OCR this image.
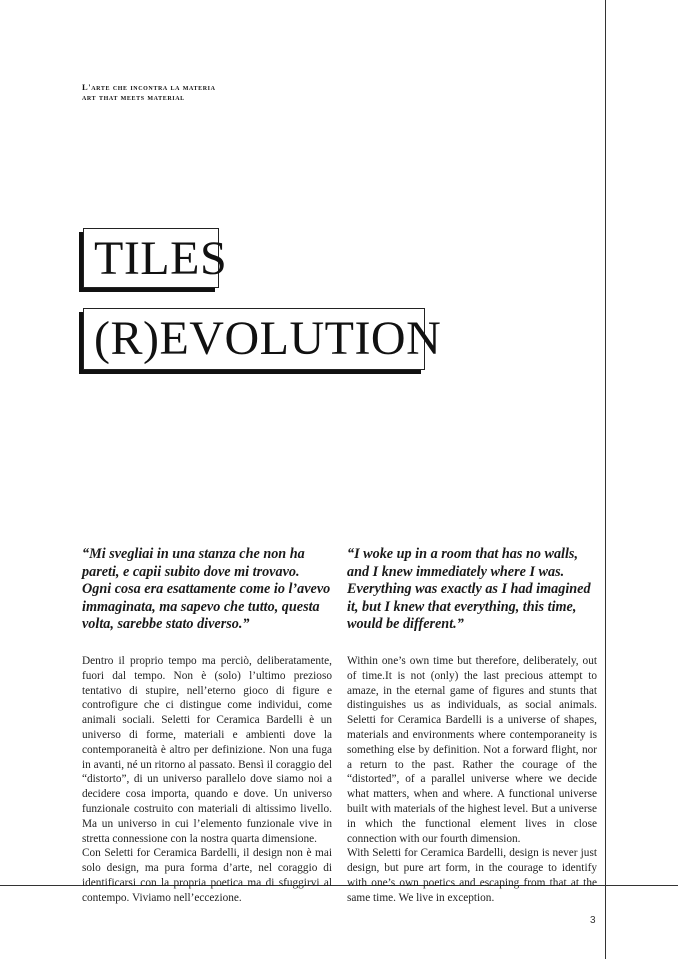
L'arte che incontra la materia
art that meets material
TILES
(R)EVOLUTION
“Mi svegliai in una stanza che non ha pareti, e capii subito dove mi trovavo. Ogni cosa era esattamente come io l’avevo immaginata, ma sapevo che tutto, questa volta, sarebbe stato diverso.”
“I woke up in a room that has no walls, and I knew immediately where I was. Everything was exactly as I had imagined it, but I knew that everything, this time, would be different.”

Dentro il proprio tempo ma perciò, deliberatamente, fuori dal tempo. Non è (solo) l’ultimo prezioso tentativo di stupire, nell’eterno gioco di figure e controfigure che ci distingue come individui, come animali sociali. Seletti for Ceramica Bardelli è un universo di forme, materiali e ambienti dove la contemporaneità è altro per definizione. Non una fuga in avanti, né un ritorno al passato. Bensì il coraggio del “distorto”, di un universo parallelo dove siamo noi a decidere cosa importa, quando e dove. Un universo funzionale costruito con materiali di altissimo livello. Ma un universo in cui l’elemento funzionale vive in stretta connessione con la nostra quarta dimensione.

Con Seletti for Ceramica Bardelli, il design non è mai solo design, ma pura forma d’arte, nel coraggio di identificarsi con la propria poetica ma di sfuggirvi al contempo. Viviamo nell’eccezione.

Within one’s own time but therefore, deliberately, out of time.It is not (only) the last precious attempt to amaze, in the eternal game of figures and stunts that distinguishes us as individuals, as social animals. Seletti for Ceramica Bardelli is a universe of shapes, materials and environments where contemporaneity is something else by definition. Not a forward flight, nor a return to the past. Rather the courage of the “distorted”, of a parallel universe where we decide what matters, when and where. A functional universe built with materials of the highest level. But a universe in which the functional element lives in close connection with our fourth dimension.

With Seletti for Ceramica Bardelli, design is never just design, but pure art form, in the courage to identify with one’s own poetics and escaping from that at the same time. We live in exception.

3
